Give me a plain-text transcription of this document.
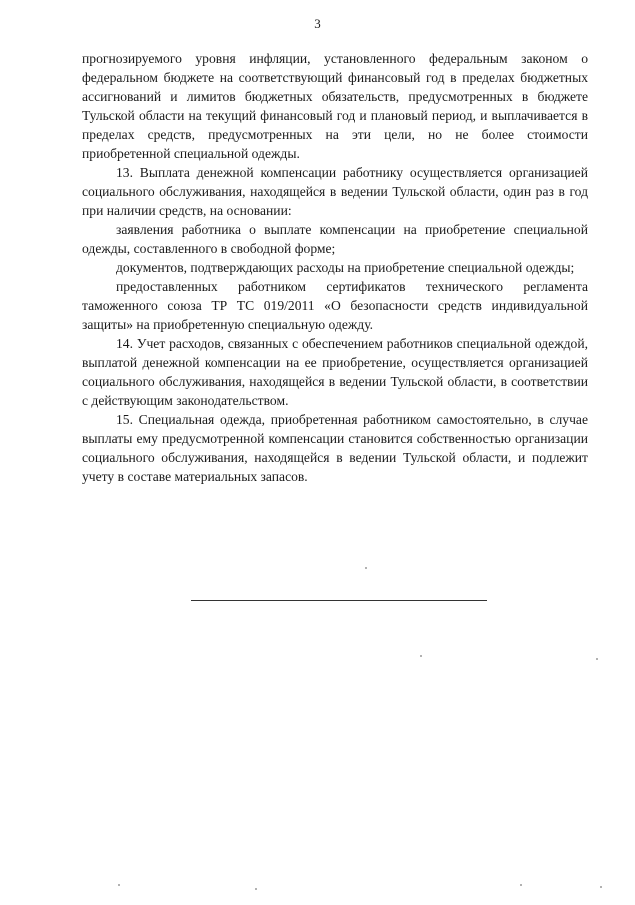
3

прогнозируемого уровня инфляции, установленного федеральным законом о федеральном бюджете на соответствующий финансовый год в пределах бюджетных ассигнований и лимитов бюджетных обязательств, предусмотренных в бюджете Тульской области на текущий финансовый год и плановый период, и выплачивается в пределах средств, предусмотренных на эти цели, но не более стоимости приобретенной специальной одежды.

13. Выплата денежной компенсации работнику осуществляется организацией социального обслуживания, находящейся в ведении Тульской области, один раз в год при наличии средств, на основании:

заявления работника о выплате компенсации на приобретение специальной одежды, составленного в свободной форме;

документов, подтверждающих расходы на приобретение специальной одежды;

предоставленных работником сертификатов технического регламента таможенного союза ТР ТС 019/2011 «О безопасности средств индивидуальной защиты» на приобретенную специальную одежду.

14. Учет расходов, связанных с обеспечением работников специальной одеждой, выплатой денежной компенсации на ее приобретение, осуществляется организацией социального обслуживания, находящейся в ведении Тульской области, в соответствии с действующим законодательством.

15. Специальная одежда, приобретенная работником самостоятельно, в случае выплаты ему предусмотренной компенсации становится собственностью организации социального обслуживания, находящейся в ведении Тульской области, и подлежит учету в составе материальных запасов.
